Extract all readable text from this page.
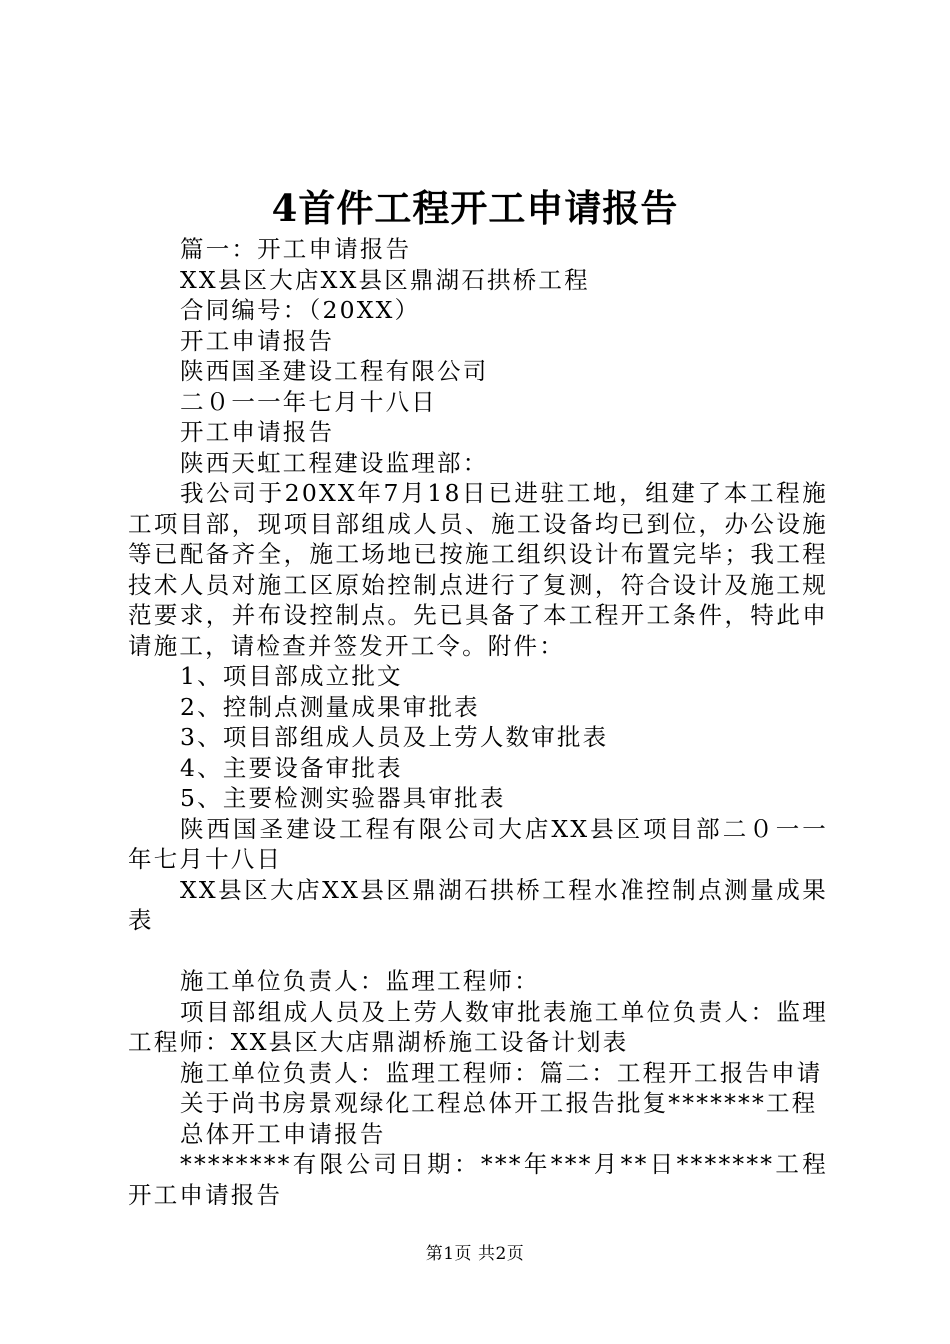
4首件工程开工申请报告

篇一：开工申请报告

XX县区大店XX县区鼎湖石拱桥工程

合同编号：（20XX）

开工申请报告

陕西国圣建设工程有限公司

二０一一年七月十八日

开工申请报告

陕西天虹工程建设监理部：

我公司于20XX年7月18日已进驻工地，组建了本工程施工项目部，现项目部组成人员、施工设备均已到位，办公设施等已配备齐全，施工场地已按施工组织设计布置完毕；我工程技术人员对施工区原始控制点进行了复测，符合设计及施工规范要求，并布设控制点。先已具备了本工程开工条件，特此申请施工，请检查并签发开工令。附件：

1、项目部成立批文

2、控制点测量成果审批表

3、项目部组成人员及上劳人数审批表

4、主要设备审批表

5、主要检测实验器具审批表

陕西国圣建设工程有限公司大店XX县区项目部二０一一年七月十八日

XX县区大店XX县区鼎湖石拱桥工程水准控制点测量成果表

施工单位负责人：监理工程师：

项目部组成人员及上劳人数审批表施工单位负责人：监理工程师：XX县区大店鼎湖桥施工设备计划表

施工单位负责人：监理工程师：篇二：工程开工报告申请

关于尚书房景观绿化工程总体开工报告批复*******工程

总体开工申请报告

********有限公司日期：***年***月**日*******工程开工申请报告

第1页 共2页
